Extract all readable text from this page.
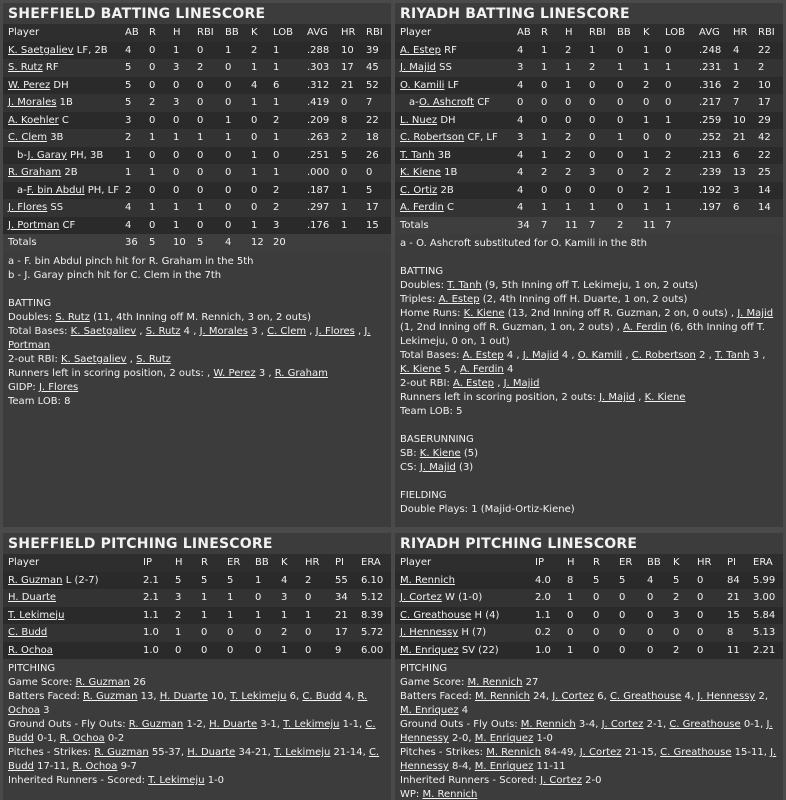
SHEFFIELD BATTING LINESCORE
Player	AB	R	H	RBI	BB	K	LOB	AVG	HR	RBI
K. Saetgaliev LF, 2B	4	0	1	0	1	2	1	.288	10	39
S. Rutz RF	5	0	3	2	0	1	1	.303	17	45
W. Perez DH	5	0	0	0	0	4	6	.312	21	52
J. Morales 1B	5	2	3	0	0	1	1	.419	0	7
A. Koehler C	3	0	0	0	1	0	2	.209	8	22
C. Clem 3B	2	1	1	1	1	0	1	.263	2	18
b-J. Garay PH, 3B	1	0	0	0	0	1	0	.251	5	26
R. Graham 2B	1	1	0	0	0	1	1	.000	0	0
a-F. bin Abdul PH, LF	2	0	0	0	0	0	2	.187	1	5
J. Flores SS	4	1	1	1	0	0	2	.297	1	17
J. Portman CF	4	0	1	0	0	1	3	.176	1	15
Totals	36	5	10	5	4	12	20			
a - F. bin Abdul pinch hit for R. Graham in the 5th
b - J. Garay pinch hit for C. Clem in the 7th
BATTING
Doubles: S. Rutz (11, 4th Inning off M. Rennich, 3 on, 2 outs)
Total Bases: K. Saetgaliev , S. Rutz 4 , J. Morales 3 , C. Clem , J. Flores , J. Portman
2-out RBI: K. Saetgaliev , S. Rutz
Runners left in scoring position, 2 outs: , W. Perez 3 , R. Graham
GIDP: J. Flores
Team LOB: 8
RIYADH BATTING LINESCORE
Player	AB	R	H	RBI	BB	K	LOB	AVG	HR	RBI
A. Estep RF	4	1	2	1	0	1	0	.248	4	22
J. Majid SS	3	1	1	2	1	1	1	.231	1	2
O. Kamili LF	4	0	1	0	0	2	0	.316	2	10
a-O. Ashcroft CF	0	0	0	0	0	0	0	.217	7	17
L. Nuez DH	4	0	0	0	0	1	1	.259	10	29
C. Robertson CF, LF	3	1	2	0	1	0	0	.252	21	42
T. Tanh 3B	4	1	2	0	0	1	2	.213	6	22
K. Kiene 1B	4	2	2	3	0	2	2	.239	13	25
C. Ortiz 2B	4	0	0	0	0	2	1	.192	3	14
A. Ferdin C	4	1	1	1	0	1	1	.197	6	14
Totals	34	7	11	7	2	11	7			
a - O. Ashcroft substituted for O. Kamili in the 8th
BATTING
Doubles: T. Tanh (9, 5th Inning off T. Lekimeju, 1 on, 2 outs)
Triples: A. Estep (2, 4th Inning off H. Duarte, 1 on, 2 outs)
Home Runs: K. Kiene (13, 2nd Inning off R. Guzman, 2 on, 0 outs) , J. Majid (1, 2nd Inning off R. Guzman, 1 on, 2 outs) , A. Ferdin (6, 6th Inning off T. Lekimeju, 0 on, 1 out)
Total Bases: A. Estep 4 , J. Majid 4 , O. Kamili , C. Robertson 2 , T. Tanh 3 , K. Kiene 5 , A. Ferdin 4
2-out RBI: A. Estep , J. Majid
Runners left in scoring position, 2 outs: J. Majid , K. Kiene
Team LOB: 5
BASERUNNING
SB: K. Kiene (5)
CS: J. Majid (3)
FIELDING
Double Plays: 1 (Majid-Ortiz-Kiene)
SHEFFIELD PITCHING LINESCORE
Player	IP	H	R	ER	BB	K	HR	PI	ERA
R. Guzman L (2-7)	2.1	5	5	5	1	4	2	55	6.10
H. Duarte	2.1	3	1	1	0	3	0	34	5.12
T. Lekimeju	1.1	2	1	1	1	1	1	21	8.39
C. Budd	1.0	1	0	0	0	2	0	17	5.72
R. Ochoa	1.0	0	0	0	0	1	0	9	6.00
PITCHING
Game Score: R. Guzman 26
Batters Faced: R. Guzman 13, H. Duarte 10, T. Lekimeju 6, C. Budd 4, R. Ochoa 3
Ground Outs - Fly Outs: R. Guzman 1-2, H. Duarte 3-1, T. Lekimeju 1-1, C. Budd 0-1, R. Ochoa 0-2
Pitches - Strikes: R. Guzman 55-37, H. Duarte 34-21, T. Lekimeju 21-14, C. Budd 17-11, R. Ochoa 9-7
Inherited Runners - Scored: T. Lekimeju 1-0
RIYADH PITCHING LINESCORE
Player	IP	H	R	ER	BB	K	HR	PI	ERA
M. Rennich	4.0	8	5	5	4	5	0	84	5.99
J. Cortez W (1-0)	2.0	1	0	0	0	2	0	21	3.00
C. Greathouse H (4)	1.1	0	0	0	0	3	0	15	5.84
J. Hennessy H (7)	0.2	0	0	0	0	0	0	8	5.13
M. Enriquez SV (22)	1.0	1	0	0	0	2	0	11	2.21
PITCHING
Game Score: M. Rennich 27
Batters Faced: M. Rennich 24, J. Cortez 6, C. Greathouse 4, J. Hennessy 2, M. Enriquez 4
Ground Outs - Fly Outs: M. Rennich 3-4, J. Cortez 2-1, C. Greathouse 0-1, J. Hennessy 2-0, M. Enriquez 1-0
Pitches - Strikes: M. Rennich 84-49, J. Cortez 21-15, C. Greathouse 15-11, J. Hennessy 8-4, M. Enriquez 11-11
Inherited Runners - Scored: J. Cortez 2-0
WP: M. Rennich
